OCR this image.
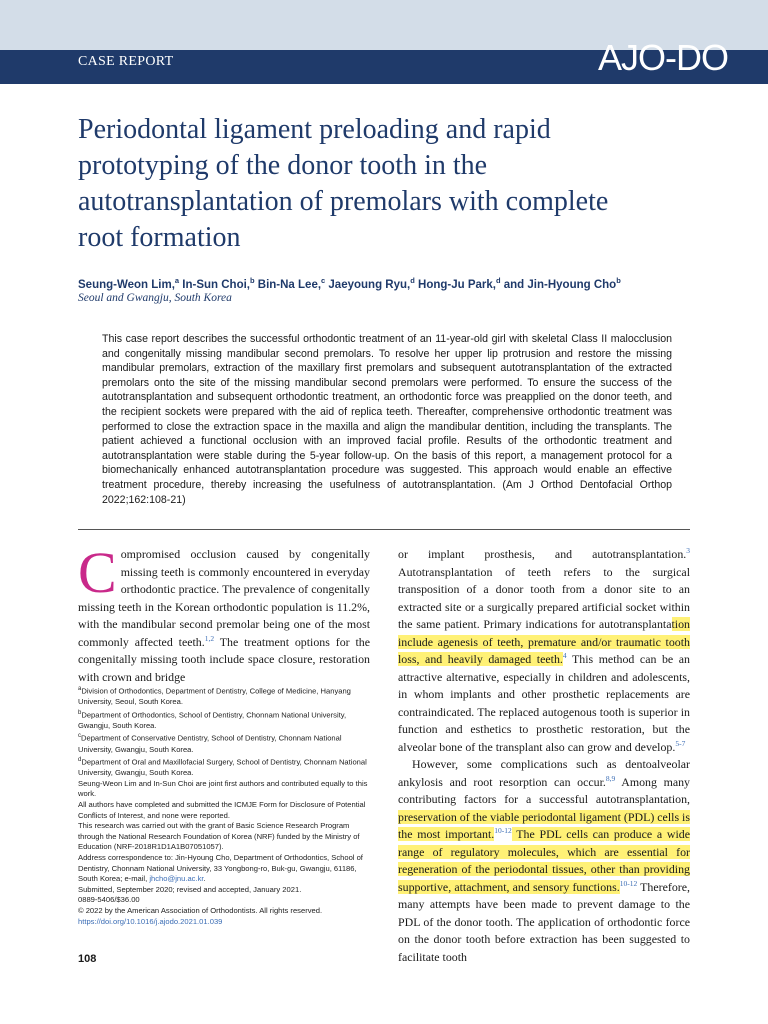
CASE REPORT	AJO-DO
Periodontal ligament preloading and rapid prototyping of the donor tooth in the autotransplantation of premolars with complete root formation
Seung-Weon Lim,$^a$ In-Sun Choi,$^b$ Bin-Na Lee,$^c$ Jaeyoung Ryu,$^d$ Hong-Ju Park,$^d$ and Jin-Hyoung Cho$^b$
Seoul and Gwangju, South Korea

This case report describes the successful orthodontic treatment of an 11-year-old girl with skeletal Class II malocclusion and congenitally missing mandibular second premolars. To resolve her upper lip protrusion and restore the missing mandibular premolars, extraction of the maxillary first premolars and subsequent autotransplantation of the extracted premolars onto the site of the missing mandibular second premolars were performed. To ensure the success of the autotransplantation and subsequent orthodontic treatment, an orthodontic force was preapplied on the donor teeth, and the recipient sockets were prepared with the aid of replica teeth. Thereafter, comprehensive orthodontic treatment was performed to close the extraction space in the maxilla and align the mandibular dentition, including the transplants. The patient achieved a functional occlusion with an improved facial profile. Results of the orthodontic treatment and autotransplantation were stable during the 5-year follow-up. On the basis of this report, a management protocol for a biomechanically enhanced autotransplantation procedure was suggested. This approach would enable an effective treatment procedure, thereby increasing the usefulness of autotransplantation. (Am J Orthod Dentofacial Orthop 2022;162:108-21)

Compromised occlusion caused by congenitally missing teeth is commonly encountered in everyday orthodontic practice. The prevalence of congenitally missing teeth in the Korean orthodontic population is 11.2%, with the mandibular second premolar being one of the most commonly affected teeth.$^{1,2}$ The treatment options for the congenitally missing tooth include space closure, restoration with crown and bridge

$^a$Division of Orthodontics, Department of Dentistry, College of Medicine, Hanyang University, Seoul, South Korea.
$^b$Department of Orthodontics, School of Dentistry, Chonnam National University, Gwangju, South Korea.
$^c$Department of Conservative Dentistry, School of Dentistry, Chonnam National University, Gwangju, South Korea.
$^d$Department of Oral and Maxillofacial Surgery, School of Dentistry, Chonnam National University, Gwangju, South Korea.
Seung-Weon Lim and In-Sun Choi are joint first authors and contributed equally to this work.
All authors have completed and submitted the ICMJE Form for Disclosure of Potential Conflicts of Interest, and none were reported.
This research was carried out with the grant of Basic Science Research Program through the National Research Foundation of Korea (NRF) funded by the Ministry of Education (NRF-2018R1D1A1B07051057).
Address correspondence to: Jin-Hyoung Cho, Department of Orthodontics, School of Dentistry, Chonnam National University, 33 Yongbong-ro, Buk-gu, Gwangju, 61186, South Korea; e-mail, jhcho@jnu.ac.kr.
Submitted, September 2020; revised and accepted, January 2021.
0889-5406/$36.00
© 2022 by the American Association of Orthodontists. All rights reserved.
https://doi.org/10.1016/j.ajodo.2021.01.039

or implant prosthesis, and autotransplantation.$^3$ Autotransplantation of teeth refers to the surgical transposition of a donor tooth from a donor site to an extracted site or a surgically prepared artificial socket within the same patient. Primary indications for autotransplantation include agenesis of teeth, premature and/or traumatic tooth loss, and heavily damaged teeth.$^4$ This method can be an attractive alternative, especially in children and adolescents, in whom implants and other prosthetic replacements are contraindicated. The replaced autogenous tooth is superior in function and esthetics to prosthetic restoration, but the alveolar bone of the transplant also can grow and develop.$^{5-7}$

However, some complications such as dentoalveolar ankylosis and root resorption can occur.$^{8,9}$ Among many contributing factors for a successful autotransplantation, preservation of the viable periodontal ligament (PDL) cells is the most important.$^{10-12}$ The PDL cells can produce a wide range of regulatory molecules, which are essential for regeneration of the periodontal tissues, other than providing supportive, attachment, and sensory functions.$^{10-12}$ Therefore, many attempts have been made to prevent damage to the PDL of the donor tooth. The application of orthodontic force on the donor tooth before extraction has been suggested to facilitate tooth

108
